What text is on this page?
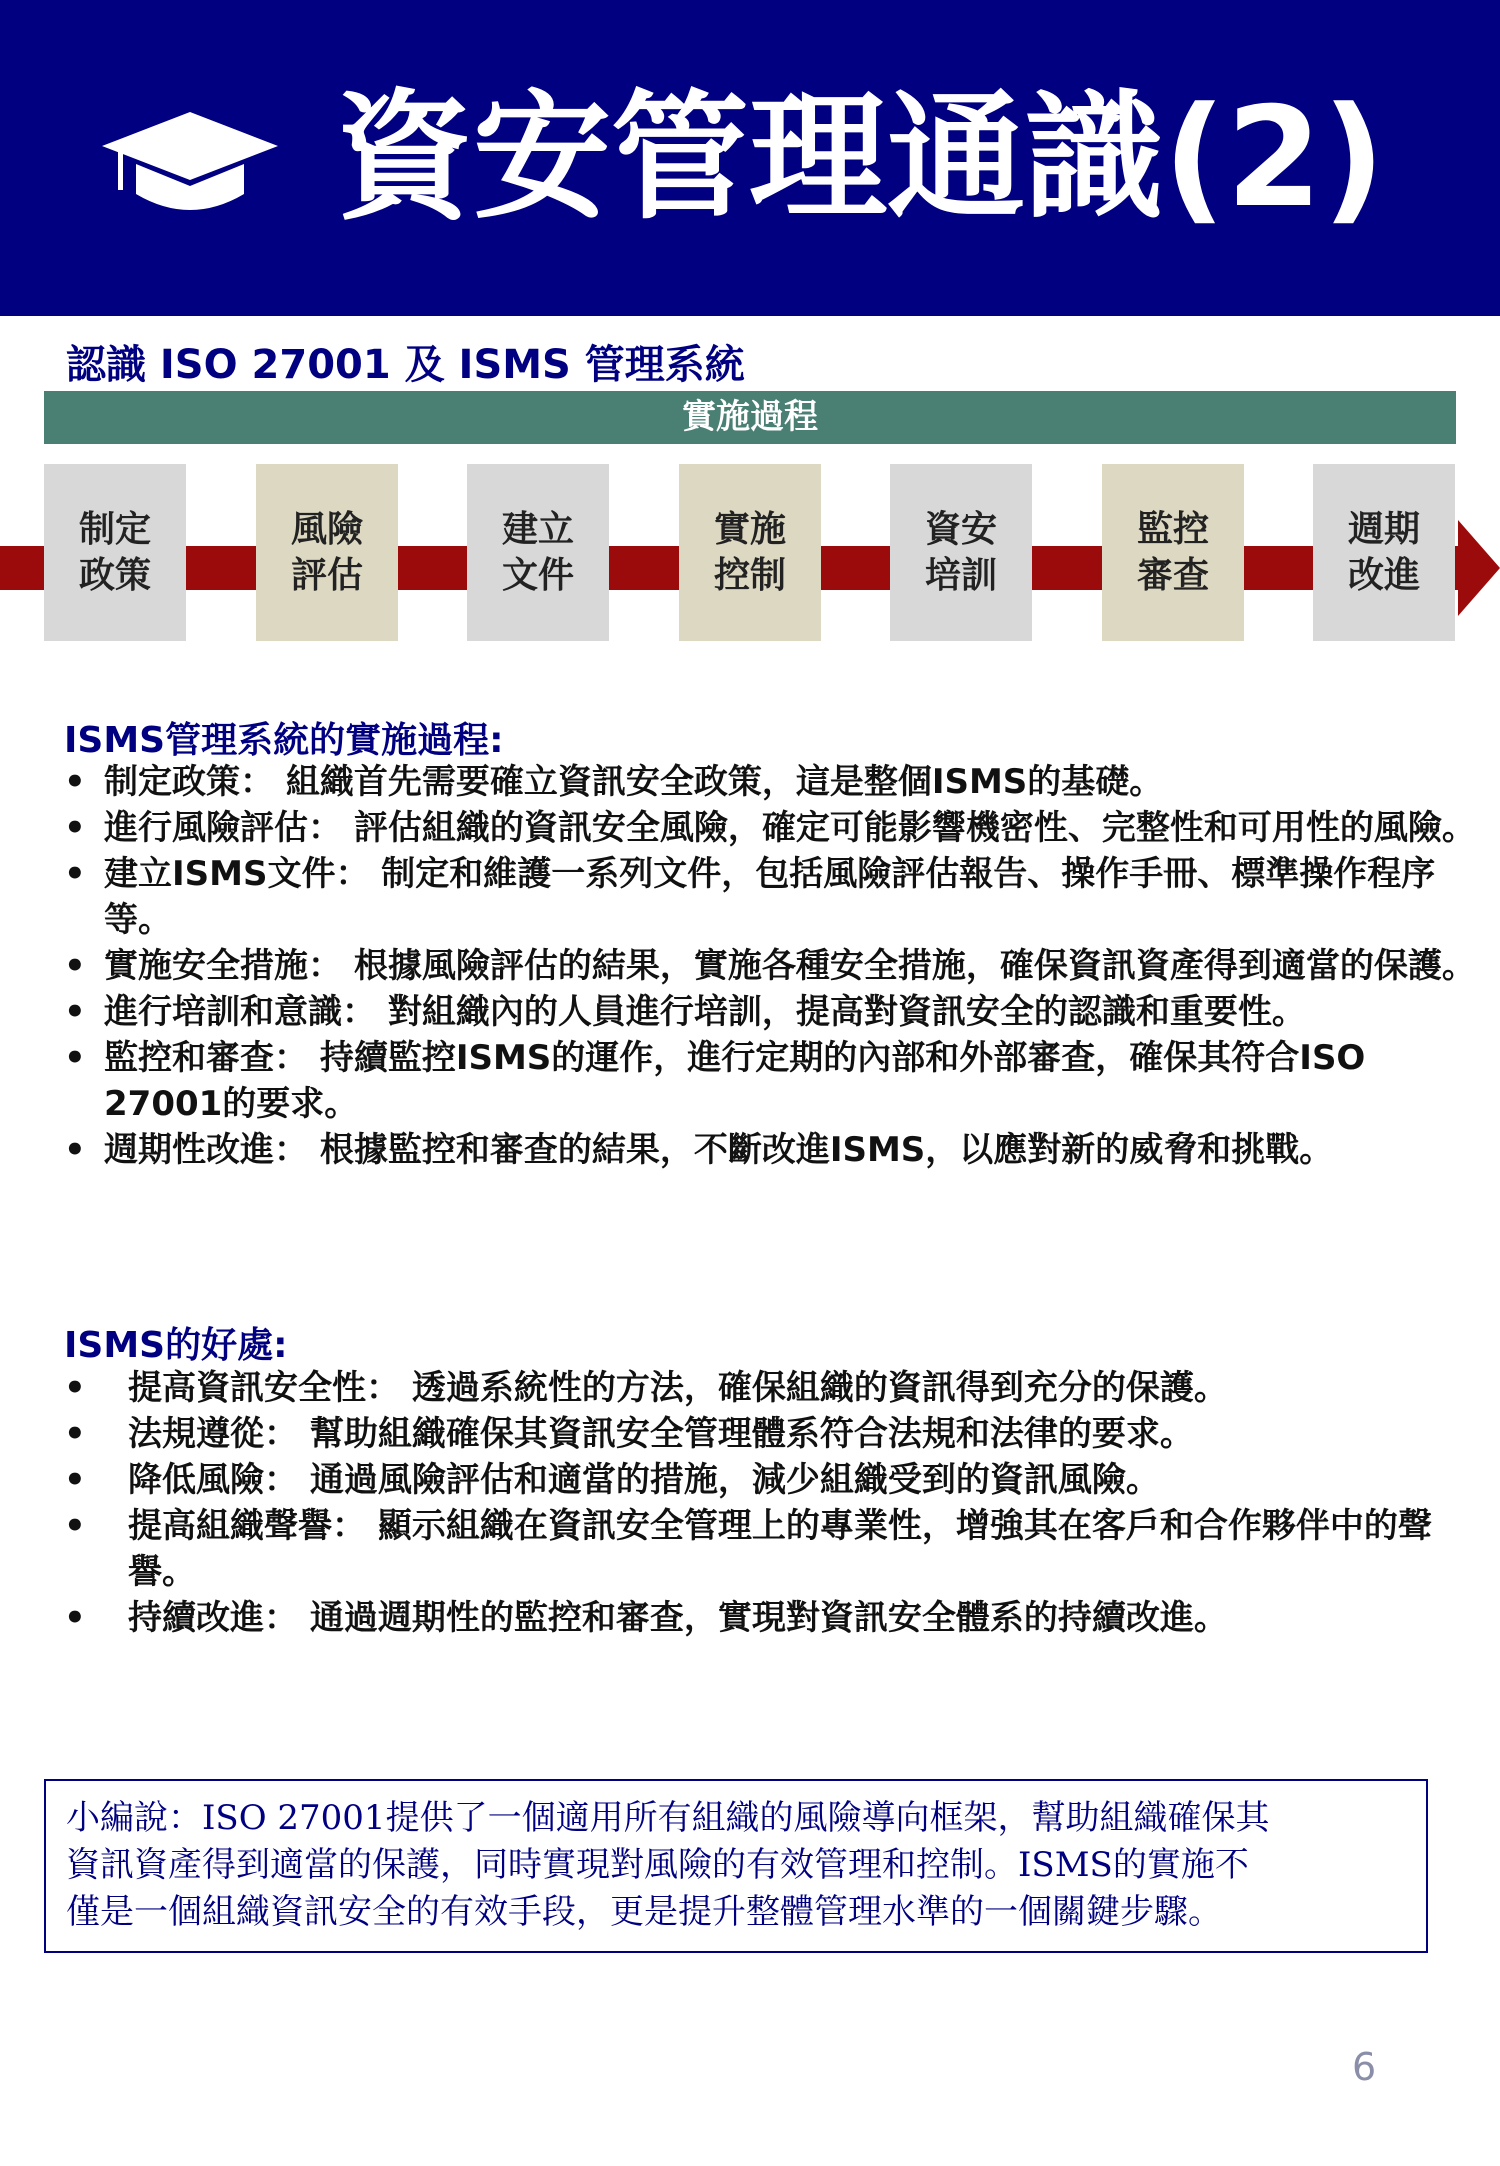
資安管理通識(2)
認識 ISO 27001 及 ISMS 管理系統
實施過程
制定
政策
風險
評估
建立
文件
實施
控制
資安
培訓
監控
審查
週期
改進
ISMS管理系統的實施過程:
• 制定政策： 組織首先需要確立資訊安全政策，這是整個ISMS的基礎。
• 進行風險評估： 評估組織的資訊安全風險，確定可能影響機密性、完整性和可用性的風險。
• 建立ISMS文件： 制定和維護一系列文件，包括風險評估報告、操作手冊、標準操作程序等。
• 實施安全措施： 根據風險評估的結果，實施各種安全措施，確保資訊資產得到適當的保護。
• 進行培訓和意識： 對組織內的人員進行培訓，提高對資訊安全的認識和重要性。
• 監控和審查： 持續監控ISMS的運作，進行定期的內部和外部審查，確保其符合ISO 27001的要求。
• 週期性改進： 根據監控和審查的結果，不斷改進ISMS，以應對新的威脅和挑戰。
ISMS的好處:
• 提高資訊安全性： 透過系統性的方法，確保組織的資訊得到充分的保護。
• 法規遵從： 幫助組織確保其資訊安全管理體系符合法規和法律的要求。
• 降低風險： 通過風險評估和適當的措施，減少組織受到的資訊風險。
• 提高組織聲譽： 顯示組織在資訊安全管理上的專業性，增強其在客戶和合作夥伴中的聲譽。
• 持續改進： 通過週期性的監控和審查，實現對資訊安全體系的持續改進。
小編說：ISO 27001提供了一個適用所有組織的風險導向框架，幫助組織確保其
資訊資產得到適當的保護，同時實現對風險的有效管理和控制。ISMS的實施不
僅是一個組織資訊安全的有效手段，更是提升整體管理水準的一個關鍵步驟。
6
